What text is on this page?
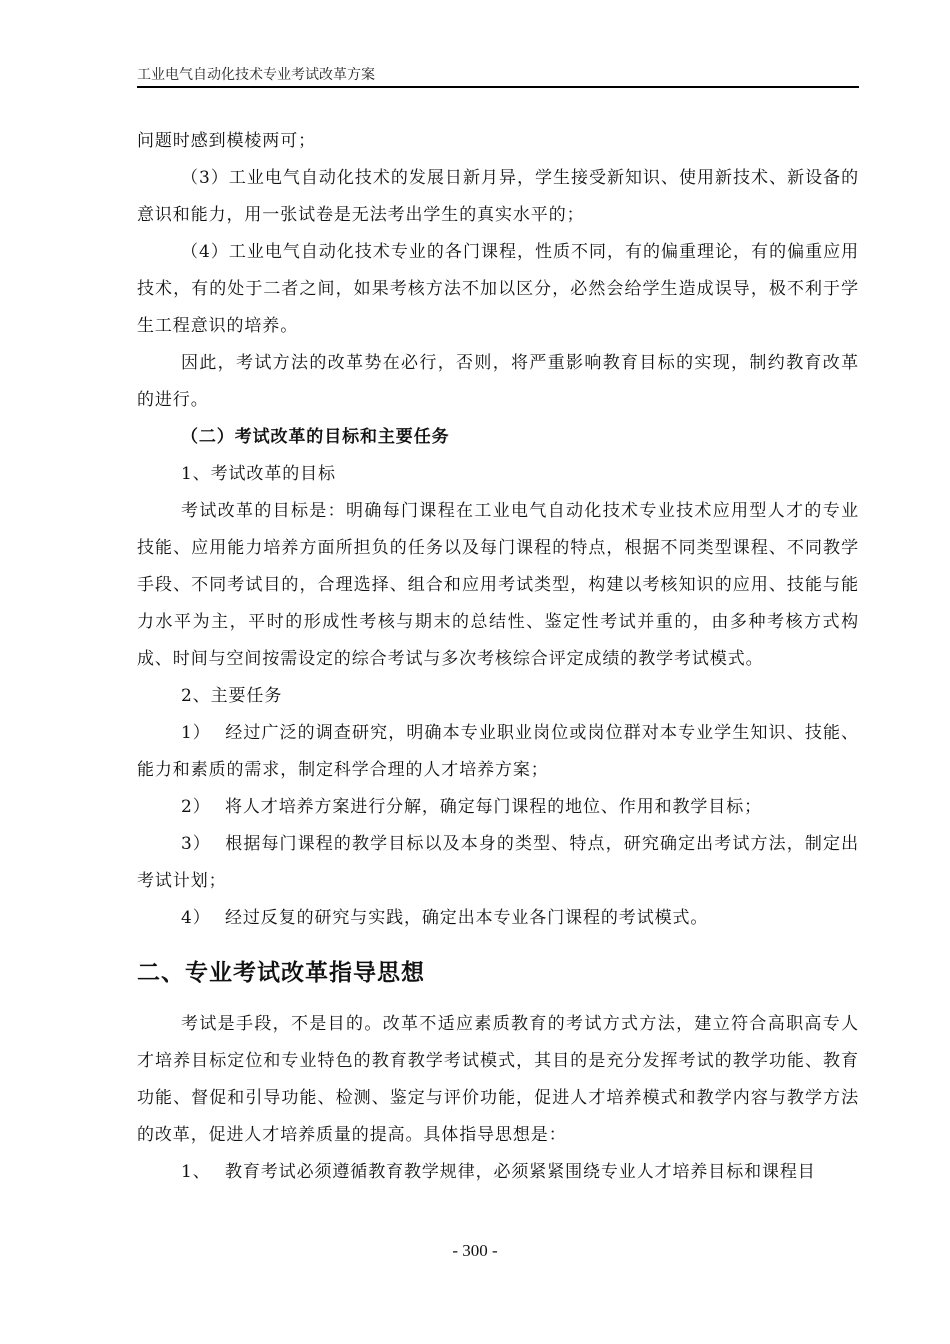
工业电气自动化技术专业考试改革方案

问题时感到模棱两可；

（3）工业电气自动化技术的发展日新月异，学生接受新知识、使用新技术、新设备的意识和能力，用一张试卷是无法考出学生的真实水平的；

（4）工业电气自动化技术专业的各门课程，性质不同，有的偏重理论，有的偏重应用技术，有的处于二者之间，如果考核方法不加以区分，必然会给学生造成误导，极不利于学生工程意识的培养。

因此，考试方法的改革势在必行，否则，将严重影响教育目标的实现，制约教育改革的进行。

（二）考试改革的目标和主要任务

1、考试改革的目标

考试改革的目标是：明确每门课程在工业电气自动化技术专业技术应用型人才的专业技能、应用能力培养方面所担负的任务以及每门课程的特点，根据不同类型课程、不同教学手段、不同考试目的，合理选择、组合和应用考试类型，构建以考核知识的应用、技能与能力水平为主，平时的形成性考核与期末的总结性、鉴定性考试并重的，由多种考核方式构成、时间与空间按需设定的综合考试与多次考核综合评定成绩的教学考试模式。

2、主要任务

1） 经过广泛的调查研究，明确本专业职业岗位或岗位群对本专业学生知识、技能、能力和素质的需求，制定科学合理的人才培养方案；

2） 将人才培养方案进行分解，确定每门课程的地位、作用和教学目标；

3） 根据每门课程的教学目标以及本身的类型、特点，研究确定出考试方法，制定出考试计划；

4） 经过反复的研究与实践，确定出本专业各门课程的考试模式。

二、专业考试改革指导思想

考试是手段，不是目的。改革不适应素质教育的考试方式方法，建立符合高职高专人才培养目标定位和专业特色的教育教学考试模式，其目的是充分发挥考试的教学功能、教育功能、督促和引导功能、检测、鉴定与评价功能，促进人才培养模式和教学内容与教学方法的改革，促进人才培养质量的提高。具体指导思想是：

1、 教育考试必须遵循教育教学规律，必须紧紧围绕专业人才培养目标和课程目

- 300 -
